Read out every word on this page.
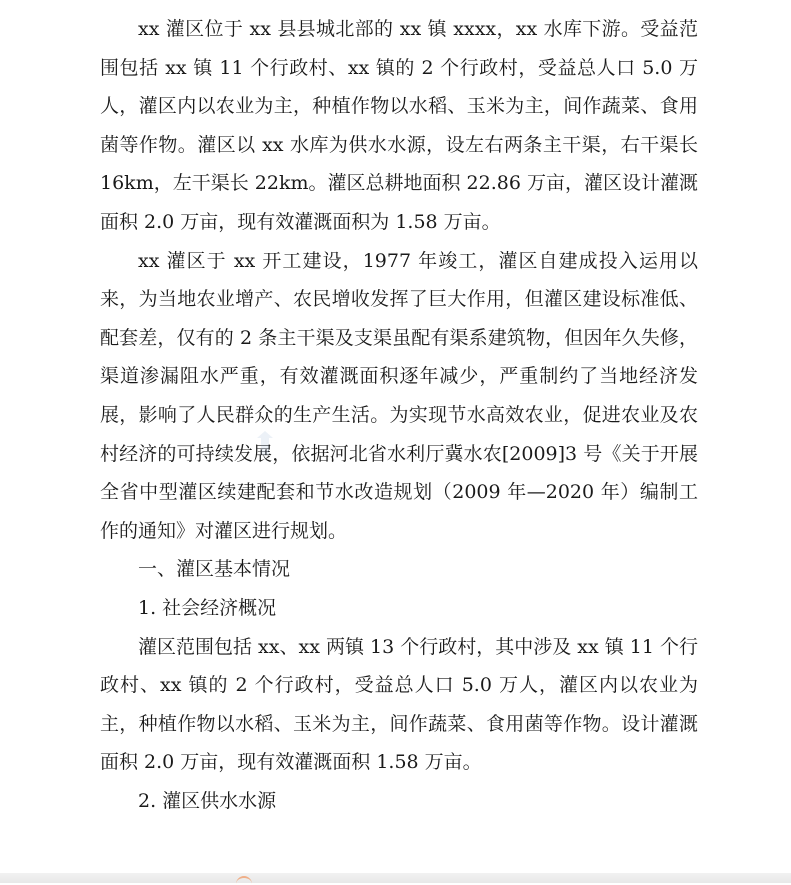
xx 灌区位于 xx 县县城北部的 xx 镇 xxxx，xx 水库下游。受益范围包括 xx 镇 11 个行政村、xx 镇的 2 个行政村，受益总人口 5.0 万人，灌区内以农业为主，种植作物以水稻、玉米为主，间作蔬菜、食用菌等作物。灌区以 xx 水库为供水水源，设左右两条主干渠，右干渠长 16km，左干渠长 22km。灌区总耕地面积 22.86 万亩，灌区设计灌溉面积 2.0 万亩，现有效灌溉面积为 1.58 万亩。

xx 灌区于 xx 开工建设，1977 年竣工，灌区自建成投入运用以来，为当地农业增产、农民增收发挥了巨大作用，但灌区建设标准低、配套差，仅有的 2 条主干渠及支渠虽配有渠系建筑物，但因年久失修，渠道渗漏阻水严重，有效灌溉面积逐年减少，严重制约了当地经济发展，影响了人民群众的生产生活。为实现节水高效农业，促进农业及农村经济的可持续发展，依据河北省水利厅冀水农[2009]3 号《关于开展全省中型灌区续建配套和节水改造规划（2009 年—2020 年）编制工作的通知》对灌区进行规划。

一、灌区基本情况

1. 社会经济概况

灌区范围包括 xx、xx 两镇 13 个行政村，其中涉及 xx 镇 11 个行政村、xx 镇的 2 个行政村，受益总人口 5.0 万人，灌区内以农业为主，种植作物以水稻、玉米为主，间作蔬菜、食用菌等作物。设计灌溉面积 2.0 万亩，现有效灌溉面积 1.58 万亩。

2. 灌区供水水源
